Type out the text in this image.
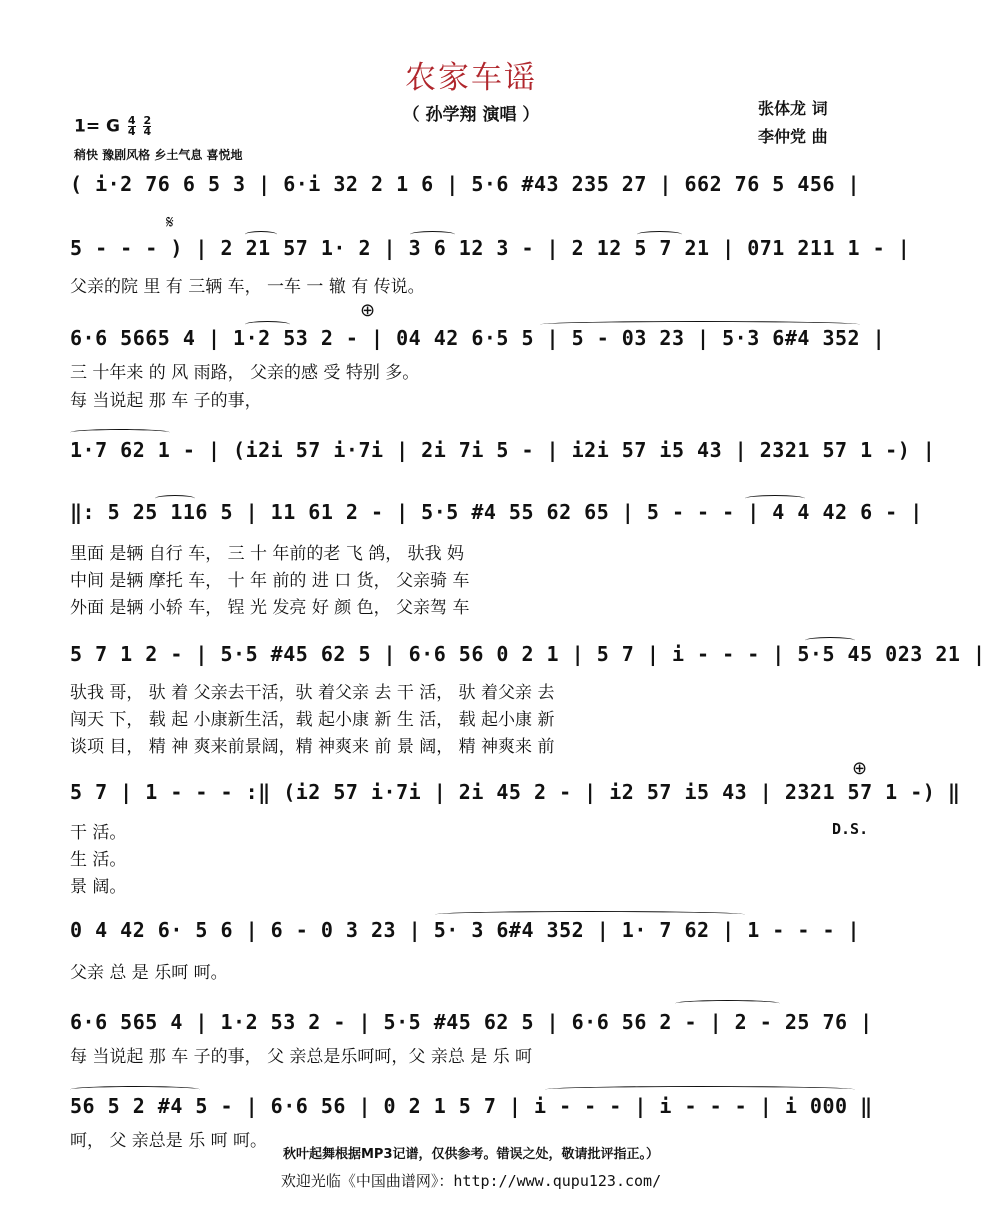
农家车谣
（ 孙学翔 演唱 ）	张体龙 词
李仲党 曲
1= G $\frac{4}{4}$
$\frac{2}{4}$
稍快 豫剧风格 乡土气息 喜悦地
( i·2 76 6 5 3 | 6·i 32 2 1 6 | 5·6 #43 235 27 | 662 76 5 456 |
𝄋
5 - - - ) | 2 21 57 1· 2 | 3 6 12 3 - | 2 12 5 7 21 | 071 211 1 - |
父亲的院 里 有 三辆 车， 一车 一 辙 有 传说。
⊕
6·6 5665 4 | 1·2 53 2 - | 04 42 6·5 5 | 5 - 03 23 | 5·3 6#4 352 |
三 十年来 的 风 雨路， 父亲的感 受 特别 多。
每 当说起 那 车 子的事，
1·7 62 1 - | (i2i 57 i·7i | 2i 7i 5 - | i2i 57 i5 43 | 2321 57 1 -) |
‖: 5 25 116 5 | 11 61 2 - | 5·5 #4 55 62 65 | 5 - - - | 4 4 42 6 - |
里面 是辆 自行 车， 三 十 年前的老 飞 鸽， 驮我 妈
中间 是辆 摩托 车， 十 年 前的 进 口 货， 父亲骑 车
外面 是辆 小轿 车， 锃 光 发亮 好 颜 色， 父亲驾 车
5 7 1 2 - | 5·5 #45 62 5 | 6·6 56 0 2 1 | 5 7 | i - - - | 5·5 45 023 21 |
驮我 哥， 驮 着 父亲去干活，驮 着父亲 去 干 活， 驮 着父亲 去
闯天 下， 载 起 小康新生活，载 起小康 新 生 活， 载 起小康 新
谈项 目， 精 神 爽来前景阔，精 神爽来 前 景 阔， 精 神爽来 前
⊕
5 7 | 1 - - - :‖ (i2 57 i·7i | 2i 45 2 - | i2 57 i5 43 | 2321 57 1 -) ‖
干 活。
生 活。
景 阔。
D.S.
0 4 42 6· 5 6 | 6 - 0 3 23 | 5· 3 6#4 352 | 1· 7 62 | 1 - - - |
父亲 总 是 乐呵 呵。
6·6 565 4 | 1·2 53 2 - | 5·5 #45 62 5 | 6·6 56 2 - | 2 - 25 76 |
每 当说起 那 车 子的事， 父 亲总是乐呵呵，父 亲总 是 乐 呵
56 5 2 #4 5 - | 6·6 56 | 0 2 1 5 7 | i - - - | i - - - | i 000 ‖
呵， 父 亲总是 乐 呵 呵。
秋叶起舞根据MP3记谱，仅供参考。错误之处，敬请批评指正。）
欢迎光临《中国曲谱网》：http://www.qupu123.com/
